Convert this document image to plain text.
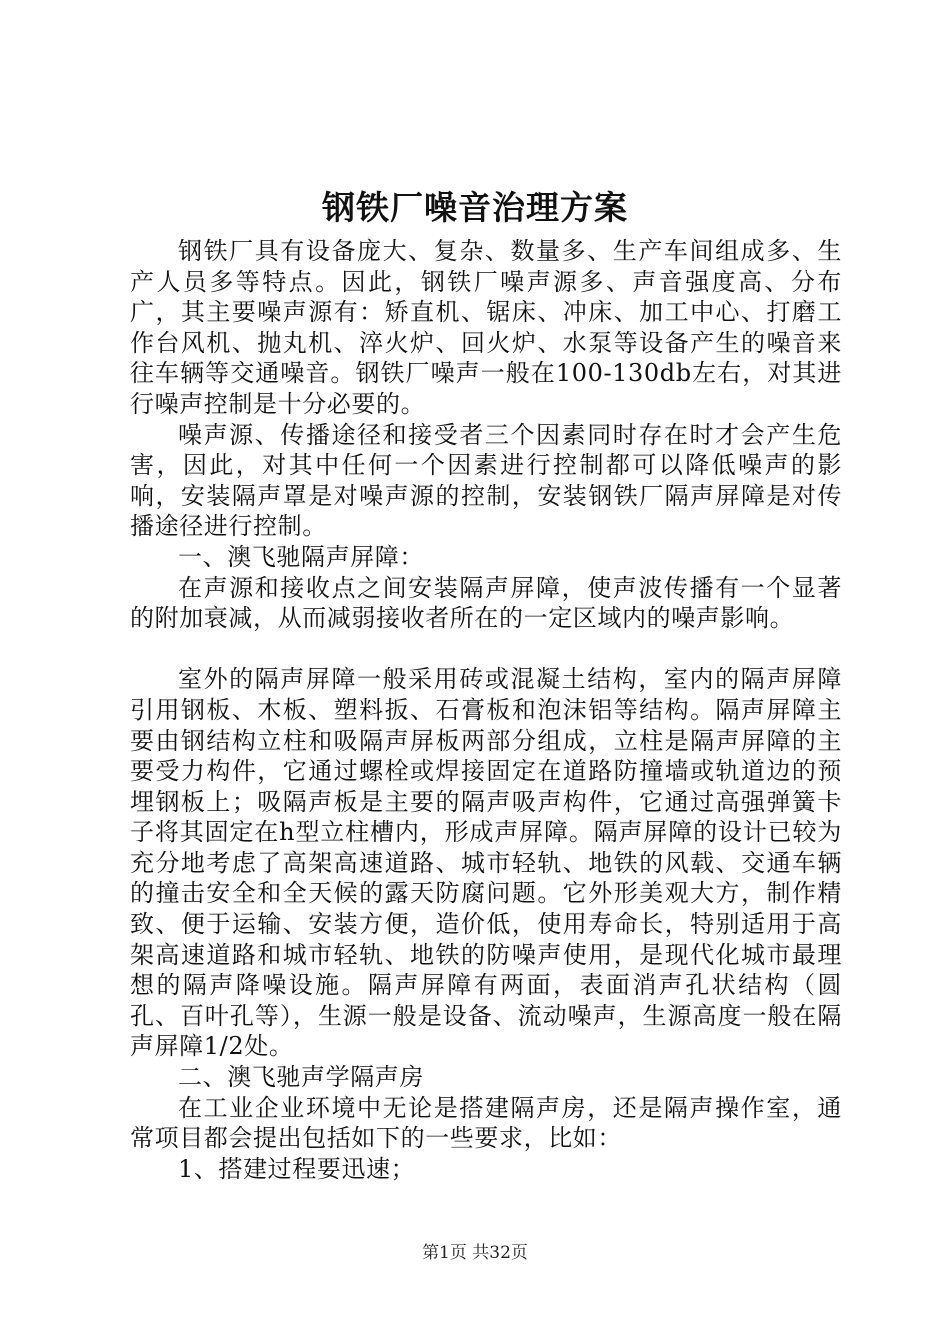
钢铁厂噪音治理方案

钢铁厂具有设备庞大、复杂、数量多、生产车间组成多、生产人员多等特点。因此，钢铁厂噪声源多、声音强度高、分布广，其主要噪声源有：矫直机、锯床、冲床、加工中心、打磨工作台风机、抛丸机、淬火炉、回火炉、水泵等设备产生的噪音来往车辆等交通噪音。钢铁厂噪声一般在100-130db左右，对其进行噪声控制是十分必要的。

噪声源、传播途径和接受者三个因素同时存在时才会产生危害，因此，对其中任何一个因素进行控制都可以降低噪声的影响，安装隔声罩是对噪声源的控制，安装钢铁厂隔声屏障是对传播途径进行控制。

一、澳飞驰隔声屏障：

在声源和接收点之间安装隔声屏障，使声波传播有一个显著的附加衰减，从而减弱接收者所在的一定区域内的噪声影响。

室外的隔声屏障一般采用砖或混凝土结构，室内的隔声屏障引用钢板、木板、塑料扳、石膏板和泡沫铝等结构。隔声屏障主要由钢结构立柱和吸隔声屏板两部分组成，立柱是隔声屏障的主要受力构件，它通过螺栓或焊接固定在道路防撞墙或轨道边的预埋钢板上；吸隔声板是主要的隔声吸声构件，它通过高强弹簧卡子将其固定在h型立柱槽内，形成声屏障。隔声屏障的设计已较为充分地考虑了高架高速道路、城市轻轨、地铁的风载、交通车辆的撞击安全和全天候的露天防腐问题。它外形美观大方，制作精致、便于运输、安装方便，造价低，使用寿命长，特别适用于高架高速道路和城市轻轨、地铁的防噪声使用，是现代化城市最理想的隔声降噪设施。隔声屏障有两面，表面消声孔状结构（圆孔、百叶孔等），生源一般是设备、流动噪声，生源高度一般在隔声屏障1/2处。

二、澳飞驰声学隔声房

在工业企业环境中无论是搭建隔声房，还是隔声操作室，通常项目都会提出包括如下的一些要求，比如：

1、搭建过程要迅速；

第1页 共32页
